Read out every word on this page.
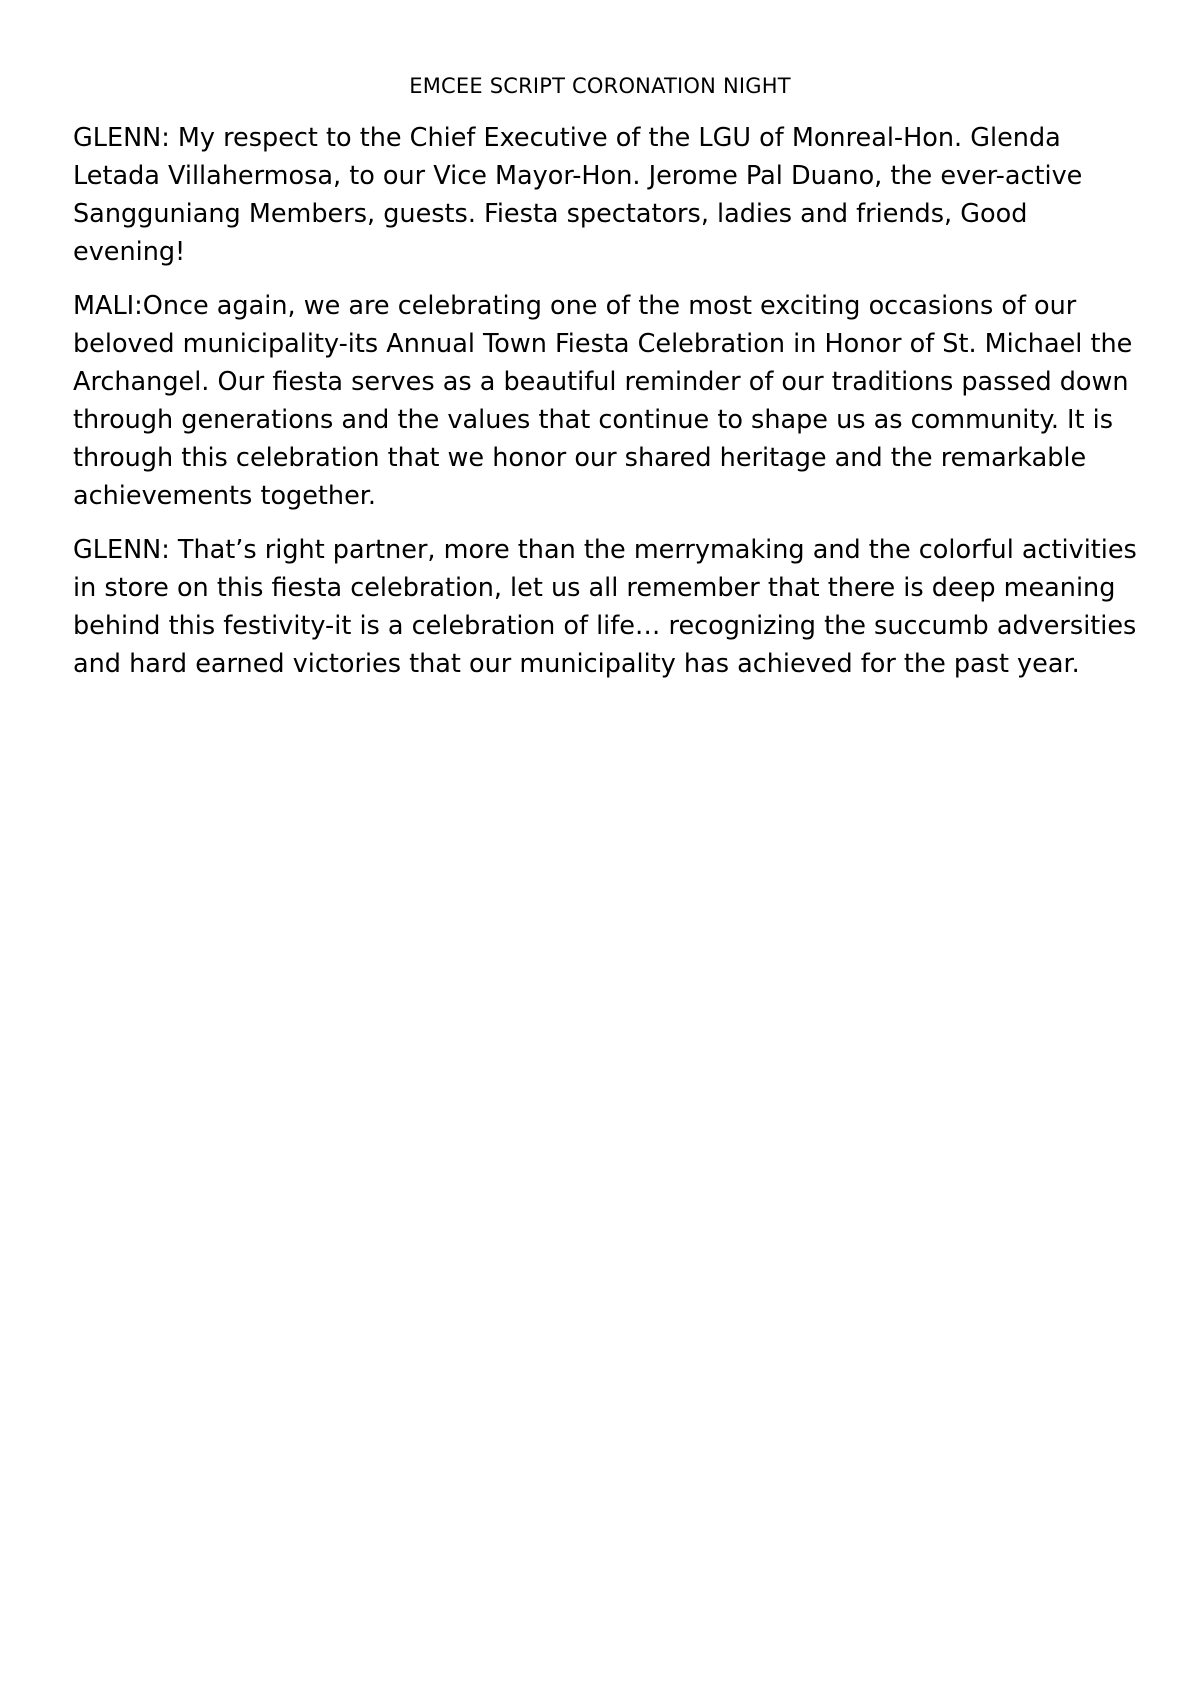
EMCEE SCRIPT CORONATION NIGHT

GLENN: My respect to the Chief Executive of the LGU of Monreal-Hon. Glenda Letada Villahermosa, to our Vice Mayor-Hon. Jerome Pal Duano, the ever-active Sangguniang Members, guests. Fiesta spectators, ladies and friends, Good evening!

MALI:Once again, we are celebrating one of the most exciting occasions of our beloved municipality-its Annual Town Fiesta Celebration in Honor of St. Michael the Archangel. Our fiesta serves as a beautiful reminder of our traditions passed down through generations and the values that continue to shape us as community. It is through this celebration that we honor our shared heritage and the remarkable achievements together.

GLENN: That’s right partner, more than the merrymaking and the colorful activities in store on this fiesta celebration, let us all remember that there is deep meaning behind this festivity-it is a celebration of life… recognizing the succumb adversities and hard earned victories that our municipality has achieved for the past year.
